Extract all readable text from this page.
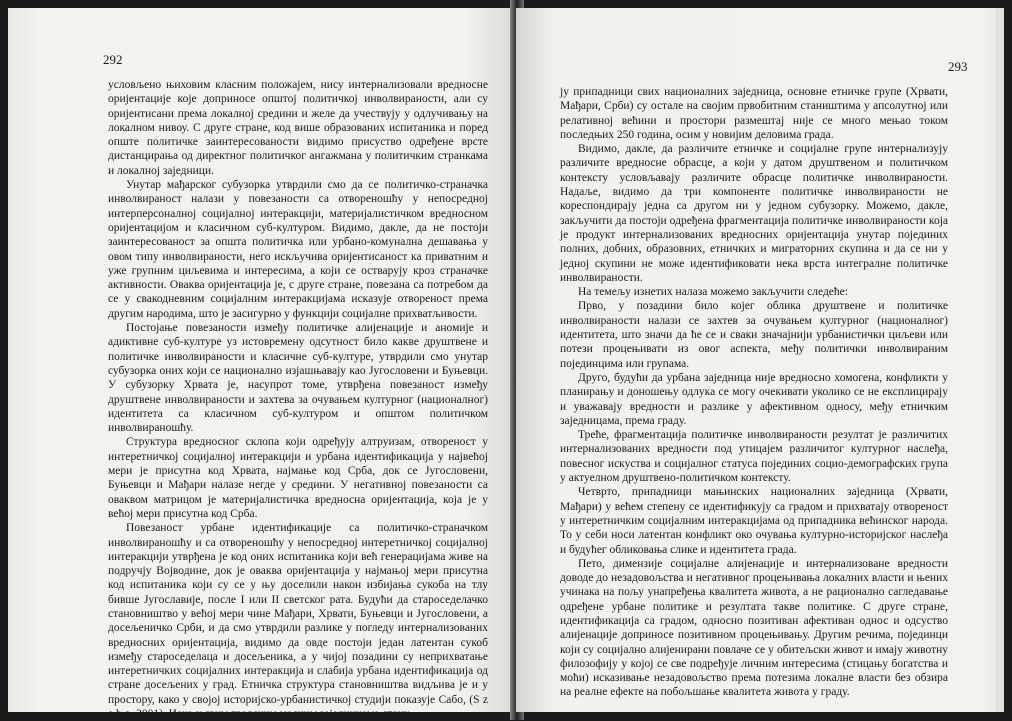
292

условљено њиховим класним положајем, нису интернализовали вредносне оријентације које доприносе општој политичкој инволвираности, али су оријентисани према локалној средини и желе да учествују у одлучивању на локалном нивоу. С друге стране, код више образованих испитаника и поред опште политичке заинтересованости видимо присуство одређене врсте дистанцирања од директног политичког ангажмана у политичким странкама и локалној заједници.

Унутар мађарског субузорка утврдили смо да се политичко-страначка инволвираност налази у повезаности са отвореношћу у непосредној интерперсоналној социјалној интеракцији, материјалистичком вредносном оријентацијом и класичном суб-културом. Видимо, дакле, да не постоји заинтересованост за општа политичка или урбано-комунална дешавања у овом типу инволвираности, него искључива оријентисаност ка приватним и уже групним циљевима и интересима, а који се остварују кроз страначке активности. Оваква оријентација је, с друге стране, повезана са потребом да се у свакодневним социјалним интеракцијама исказује отвореност према другим народима, што је засигурно у функцији социјалне прихватљивости.

Постојање повезаности између политичке алијенације и аномије и адиктивне суб-културе уз истовремену одсутност било какве друштвене и политичке инволвираности и класичне суб-културе, утврдили смо унутар субузорка оних који се национално изјашњавају као Југословени и Буњевци. У субузорку Хрвата је, насупрот томе, утврђена повезаност између друштвене инволвираности и захтева за очувањем културног (националног) идентитета са класичном суб-културом и општом политичком инволвираношћу.

Структура вредносног склопа који одређују алтруизам, отвореност у интеретничкој социјалној интеракцији и урбана идентификација у највећој мери је присутна код Хрвата, најмање код Срба, док се Југословени, Буњевци и Мађари налазе негде у средини. У негативној повезаности са оваквом матрицом је материјалистичка вредносна оријентација, која је у већој мери присутна код Срба.

Повезаност урбане идентификације са политичко-страначком инволвираношћу и са отвореношћу у непосредној интеретничкој социјалној интеракцији утврђена је код оних испитаника који већ генерацијама живе на подручју Војводине, док је оваква оријентација у најмањој мери присутна код испитаника који су се у њу доселили након избијања сукоба на тлу бивше Југославије, после I или II светског рата. Будући да староседелачко становништво у већој мери чине Мађари, Хрвати, Буњевци и Југословени, а досељеничко Срби, и да смо утврдили разлике у погледу интернализованих вредносних оријентација, видимо да овде постоји један латентан сукоб између староседелаца и досељеника, а у чијој позадини су неприхватање интеретничких социјалних интеракција и слабија урбана идентификација од стране досељених у град. Етничка структура становништва видљива је и у простору, како у својој историјско-урбанистичкој студији показује Сабо, (S z a b o, 2001). Иако у свим градским месним заједницама стану-

293

ју припадници свих националних заједница, основне етничке групе (Хрвати, Мађари, Срби) су остале на својим првобитним стаништима у апсолутној или релативној већини и простори размештај није се много мењао током последњих 250 година, осим у новијим деловима града.

Видимо, дакле, да различите етничке и социјалне групе интернализују различите вредносне обрасце, а који у датом друштвеном и политичком контексту условљавају различите обрасце политичке инволвираности. Надаље, видимо да три компоненте политичке инволвираности не кореспондирају једна са другом ни у једном субузорку. Можемо, дакле, закључити да постоји одређена фрагментација политичке инволвираности која је продукт интернализованих вредносних оријентација унутар појединих полних, добних, образовних, етничких и миграторних скупина и да се ни у једној скупини не може идентификовати нека врста интегралне политичке инволвираности.

На темељу изнетих налаза можемо закључити следеће:

Прво, у позадини било којег облика друштвене и политичке инволвираности налази се захтев за очувањем културног (националног) идентитета, што значи да ће се и сваки значајнији урбанистички циљеви или потези процењивати из овог аспекта, међу политички инволвираним појединцима или групама.

Друго, будући да урбана заједница није вредносно хомогена, конфликти у планирању и доношењу одлука се могу очекивати уколико се не експлицирају и уважавају вредности и разлике у афективном односу, међу етничким заједницама, према граду.

Треће, фрагментација политичке инволвираности резултат је различитих интернализованих вредности под утицајем различитог културног наслеђа, повесног искуства и социјалног статуса појединих социо-демографских група у актуелном друштвено-политичком контексту.

Четврто, припадници мањинских националних заједница (Хрвати, Мађари) у већем степену се идентификују са градом и прихватају отвореност у интеретничким социјалним интеракцијама од припадника већинског народа. То у себи носи латентан конфликт око очувања културно-историјског наслеђа и будућег обликовања слике и идентитета града.

Пето, димензије социјалне алијенације и интернализоване вредности доводе до незадовољства и негативног процењивања локалних власти и њених учинака на пољу унапређења квалитета живота, а не рационално сагледавање одређене урбане политике и резултата такве политике. С друге стране, идентификација са градом, односно позитиван афективан однос и одсуство алијенације доприносе позитивном процењивању. Другим речима, појединци који су социјално алијенирани повлаче се у обитељски живот и имају животну филозофију у којој се све подређује личним интересима (стицању богатства и моћи) исказивање незадовољство према потезима локалне власти без обзира на реалне ефекте на побољшање квалитета живота у граду.
